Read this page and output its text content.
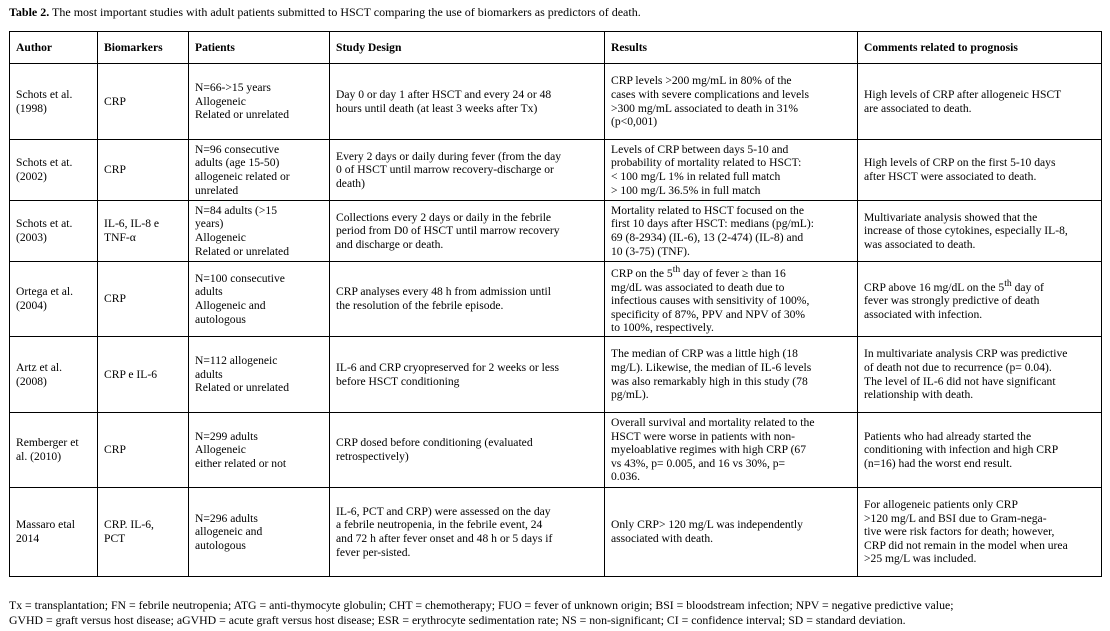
Table 2. The most important studies with adult patients submitted to HSCT comparing the use of biomarkers as predictors of death.
Author	Biomarkers	Patients	Study Design	Results	Comments related to prognosis
Schots et al.
(1998)	CRP	N=66->15 years
Allogeneic
Related or unrelated	Day 0 or day 1 after HSCT and every 24 or 48
hours until death (at least 3 weeks after Tx)	CRP levels >200 mg/mL in 80% of the
cases with severe complications and levels
>300 mg/mL associated to death in 31%
(p<0,001)	High levels of CRP after allogeneic HSCT
are associated to death.
Schots et at.
(2002)	CRP	N=96 consecutive
adults (age 15-50)
allogeneic related or
unrelated	Every 2 days or daily during fever (from the day
0 of HSCT until marrow recovery-discharge or
death)	Levels of CRP between days 5-10 and
probability of mortality related to HSCT:
< 100 mg/L 1% in related full match
> 100 mg/L 36.5% in full match	High levels of CRP on the first 5-10 days
after HSCT were associated to death.
Schots et at.
(2003)	IL-6, IL-8 e
TNF-α	N=84 adults (>15
years)
Allogeneic
Related or unrelated	Collections every 2 days or daily in the febrile
period from D0 of HSCT until marrow recovery
and discharge or death.	Mortality related to HSCT focused on the
first 10 days after HSCT: medians (pg/mL):
69 (8-2934) (IL-6), 13 (2-474) (IL-8) and
10 (3-75) (TNF).	Multivariate analysis showed that the
increase of those cytokines, especially IL-8,
was associated to death.
Ortega et al.
(2004)	CRP	N=100 consecutive
adults
Allogeneic and
autologous	CRP analyses every 48 h from admission until
the resolution of the febrile episode.	CRP on the 5th day of fever ≥ than 16
mg/dL was associated to death due to
infectious causes with sensitivity of 100%,
specificity of 87%, PPV and NPV of 30%
to 100%, respectively.	CRP above 16 mg/dL on the 5th day of
fever was strongly predictive of death
associated with infection.
Artz et al.
(2008)	CRP e IL-6	N=112 allogeneic
adults
Related or unrelated	IL-6 and CRP cryopreserved for 2 weeks or less
before HSCT conditioning	The median of CRP was a little high (18
mg/L). Likewise, the median of IL-6 levels
was also remarkably high in this study (78
pg/mL).	In multivariate analysis CRP was predictive
of death not due to recurrence (p= 0.04).
The level of IL-6 did not have significant
relationship with death.
Remberger et
al. (2010)	CRP	N=299 adults
Allogeneic
either related or not	CRP dosed before conditioning (evaluated
retrospectively)	Overall survival and mortality related to the
HSCT were worse in patients with non-
myeloablative regimes with high CRP (67
vs 43%, p= 0.005, and 16 vs 30%, p=
0.036.	Patients who had already started the
conditioning with infection and high CRP
(n=16) had the worst end result.
Massaro etal
2014	CRP. IL-6,
PCT	N=296 adults
allogeneic and
autologous	IL-6, PCT and CRP) were assessed on the day
a febrile neutropenia, in the febrile event, 24
and 72 h after fever onset and 48 h or 5 days if
fever per-sisted.	Only CRP> 120 mg/L was independently
associated with death.	For allogeneic patients only CRP
>120 mg/L and BSI due to Gram-nega-
tive were risk factors for death; however,
CRP did not remain in the model when urea
>25 mg/L was included.
Tx = transplantation; FN = febrile neutropenia; ATG = anti-thymocyte globulin; CHT = chemotherapy; FUO = fever of unknown origin; BSI = bloodstream infection; NPV = negative predictive value;
GVHD = graft versus host disease; aGVHD = acute graft versus host disease; ESR = erythrocyte sedimentation rate; NS = non-significant; CI = confidence interval; SD = standard deviation.
